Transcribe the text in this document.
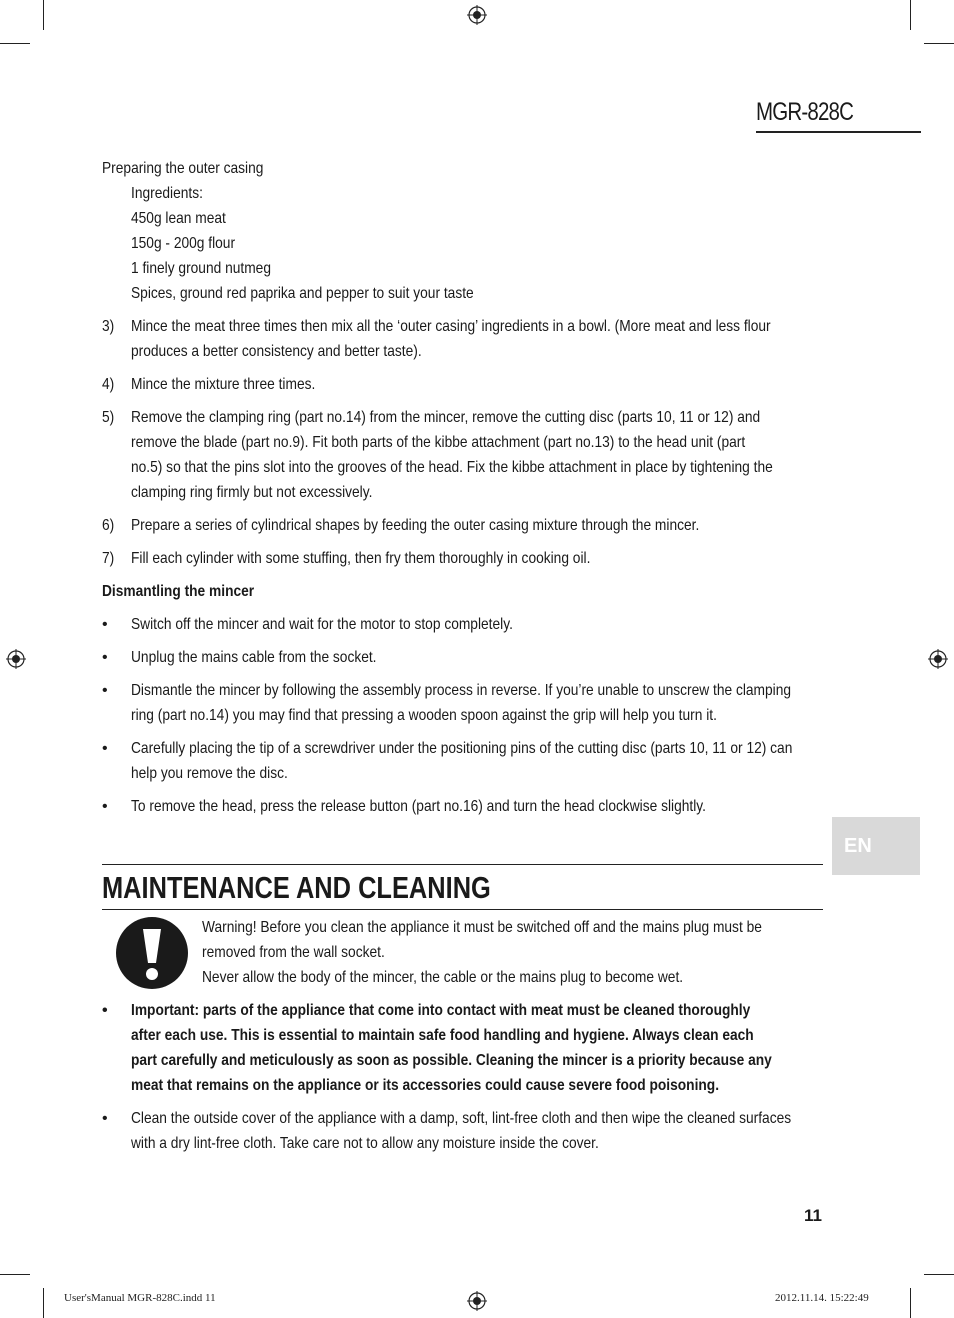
MGR-828C
Preparing the outer casing
Ingredients:
450g lean meat
150g - 200g flour
1 finely ground nutmeg
Spices, ground red paprika and pepper to suit your taste
3) Mince the meat three times then mix all the ‘outer casing’ ingredients in a bowl. (More meat and less flour
produces a better consistency and better taste).
4) Mince the mixture three times.
5) Remove the clamping ring (part no.14) from the mincer, remove the cutting disc (parts 10, 11 or 12) and
remove the blade (part no.9). Fit both parts of the kibbe attachment (part no.13) to the head unit (part
no.5) so that the pins slot into the grooves of the head. Fix the kibbe attachment in place by tightening the
clamping ring firmly but not excessively.
6) Prepare a series of cylindrical shapes by feeding the outer casing mixture through the mincer.
7) Fill each cylinder with some stuffing, then fry them thoroughly in cooking oil.
Dismantling the mincer
• Switch off the mincer and wait for the motor to stop completely.
• Unplug the mains cable from the socket.
• Dismantle the mincer by following the assembly process in reverse. If you’re unable to unscrew the clamping
ring (part no.14) you may find that pressing a wooden spoon against the grip will help you turn it.
• Carefully placing the tip of a screwdriver under the positioning pins of the cutting disc (parts 10, 11 or 12) can
help you remove the disc.
• To remove the head, press the release button (part no.16) and turn the head clockwise slightly.
EN
MAINTENANCE AND CLEANING
Warning! Before you clean the appliance it must be switched off and the mains plug must be
removed from the wall socket.
Never allow the body of the mincer, the cable or the mains plug to become wet.
• Important: parts of the appliance that come into contact with meat must be cleaned thoroughly
after each use. This is essential to maintain safe food handling and hygiene. Always clean each
part carefully and meticulously as soon as possible. Cleaning the mincer is a priority because any
meat that remains on the appliance or its accessories could cause severe food poisoning.
• Clean the outside cover of the appliance with a damp, soft, lint-free cloth and then wipe the cleaned surfaces
with a dry lint-free cloth. Take care not to allow any moisture inside the cover.
11
User'sManual MGR-828C.indd 11	2012.11.14. 15:22:49
